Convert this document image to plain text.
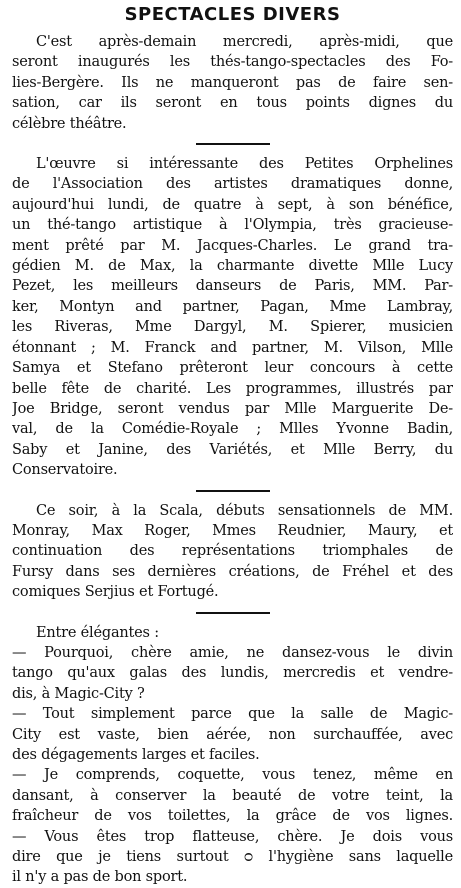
SPECTACLES DIVERS
C'est après-demain mercredi, après-midi, que
seront inaugurés les thés-tango-spectacles des Fo-
lies-Bergère. Ils ne manqueront pas de faire sen-
sation, car ils seront en tous points dignes du
célèbre théâtre.
L'œuvre si intéressante des Petites Orphelines
de l'Association des artistes dramatiques donne,
aujourd'hui lundi, de quatre à sept, à son bénéfice,
un thé-tango artistique à l'Olympia, très gracieuse-
ment prêté par M. Jacques-Charles. Le grand tra-
gédien M. de Max, la charmante divette Mlle Lucy
Pezet, les meilleurs danseurs de Paris, MM. Par-
ker, Montyn and partner, Pagan, Mme Lambray,
les Riveras, Mme Dargyl, M. Spierer, musicien
étonnant ; M. Franck and partner, M. Vilson, Mlle
Samya et Stefano prêteront leur concours à cette
belle fête de charité. Les programmes, illustrés par
Joe Bridge, seront vendus par Mlle Marguerite De-
val, de la Comédie-Royale ; Mlles Yvonne Badin,
Saby et Janine, des Variétés, et Mlle Berry, du
Conservatoire.
Ce soir, à la Scala, débuts sensationnels de MM.
Monray, Max Roger, Mmes Reudnier, Maury, et
continuation des représentations triomphales de
Fursy dans ses dernières créations, de Fréhel et des
comiques Serjius et Fortugé.
Entre élégantes :
— Pourquoi, chère amie, ne dansez-vous le divin
tango qu'aux galas des lundis, mercredis et vendre-
dis, à Magic-City ?
— Tout simplement parce que la salle de Magic-
City est vaste, bien aérée, non surchauffée, avec
des dégagements larges et faciles.
— Je comprends, coquette, vous tenez, même en
dansant, à conserver la beauté de votre teint, la
fraîcheur de vos toilettes, la grâce de vos lignes.
— Vous êtes trop flatteuse, chère. Je dois vous
dire que je tiens surtout ᴑ l'hygiène sans laquelle
il n'y a pas de bon sport.
